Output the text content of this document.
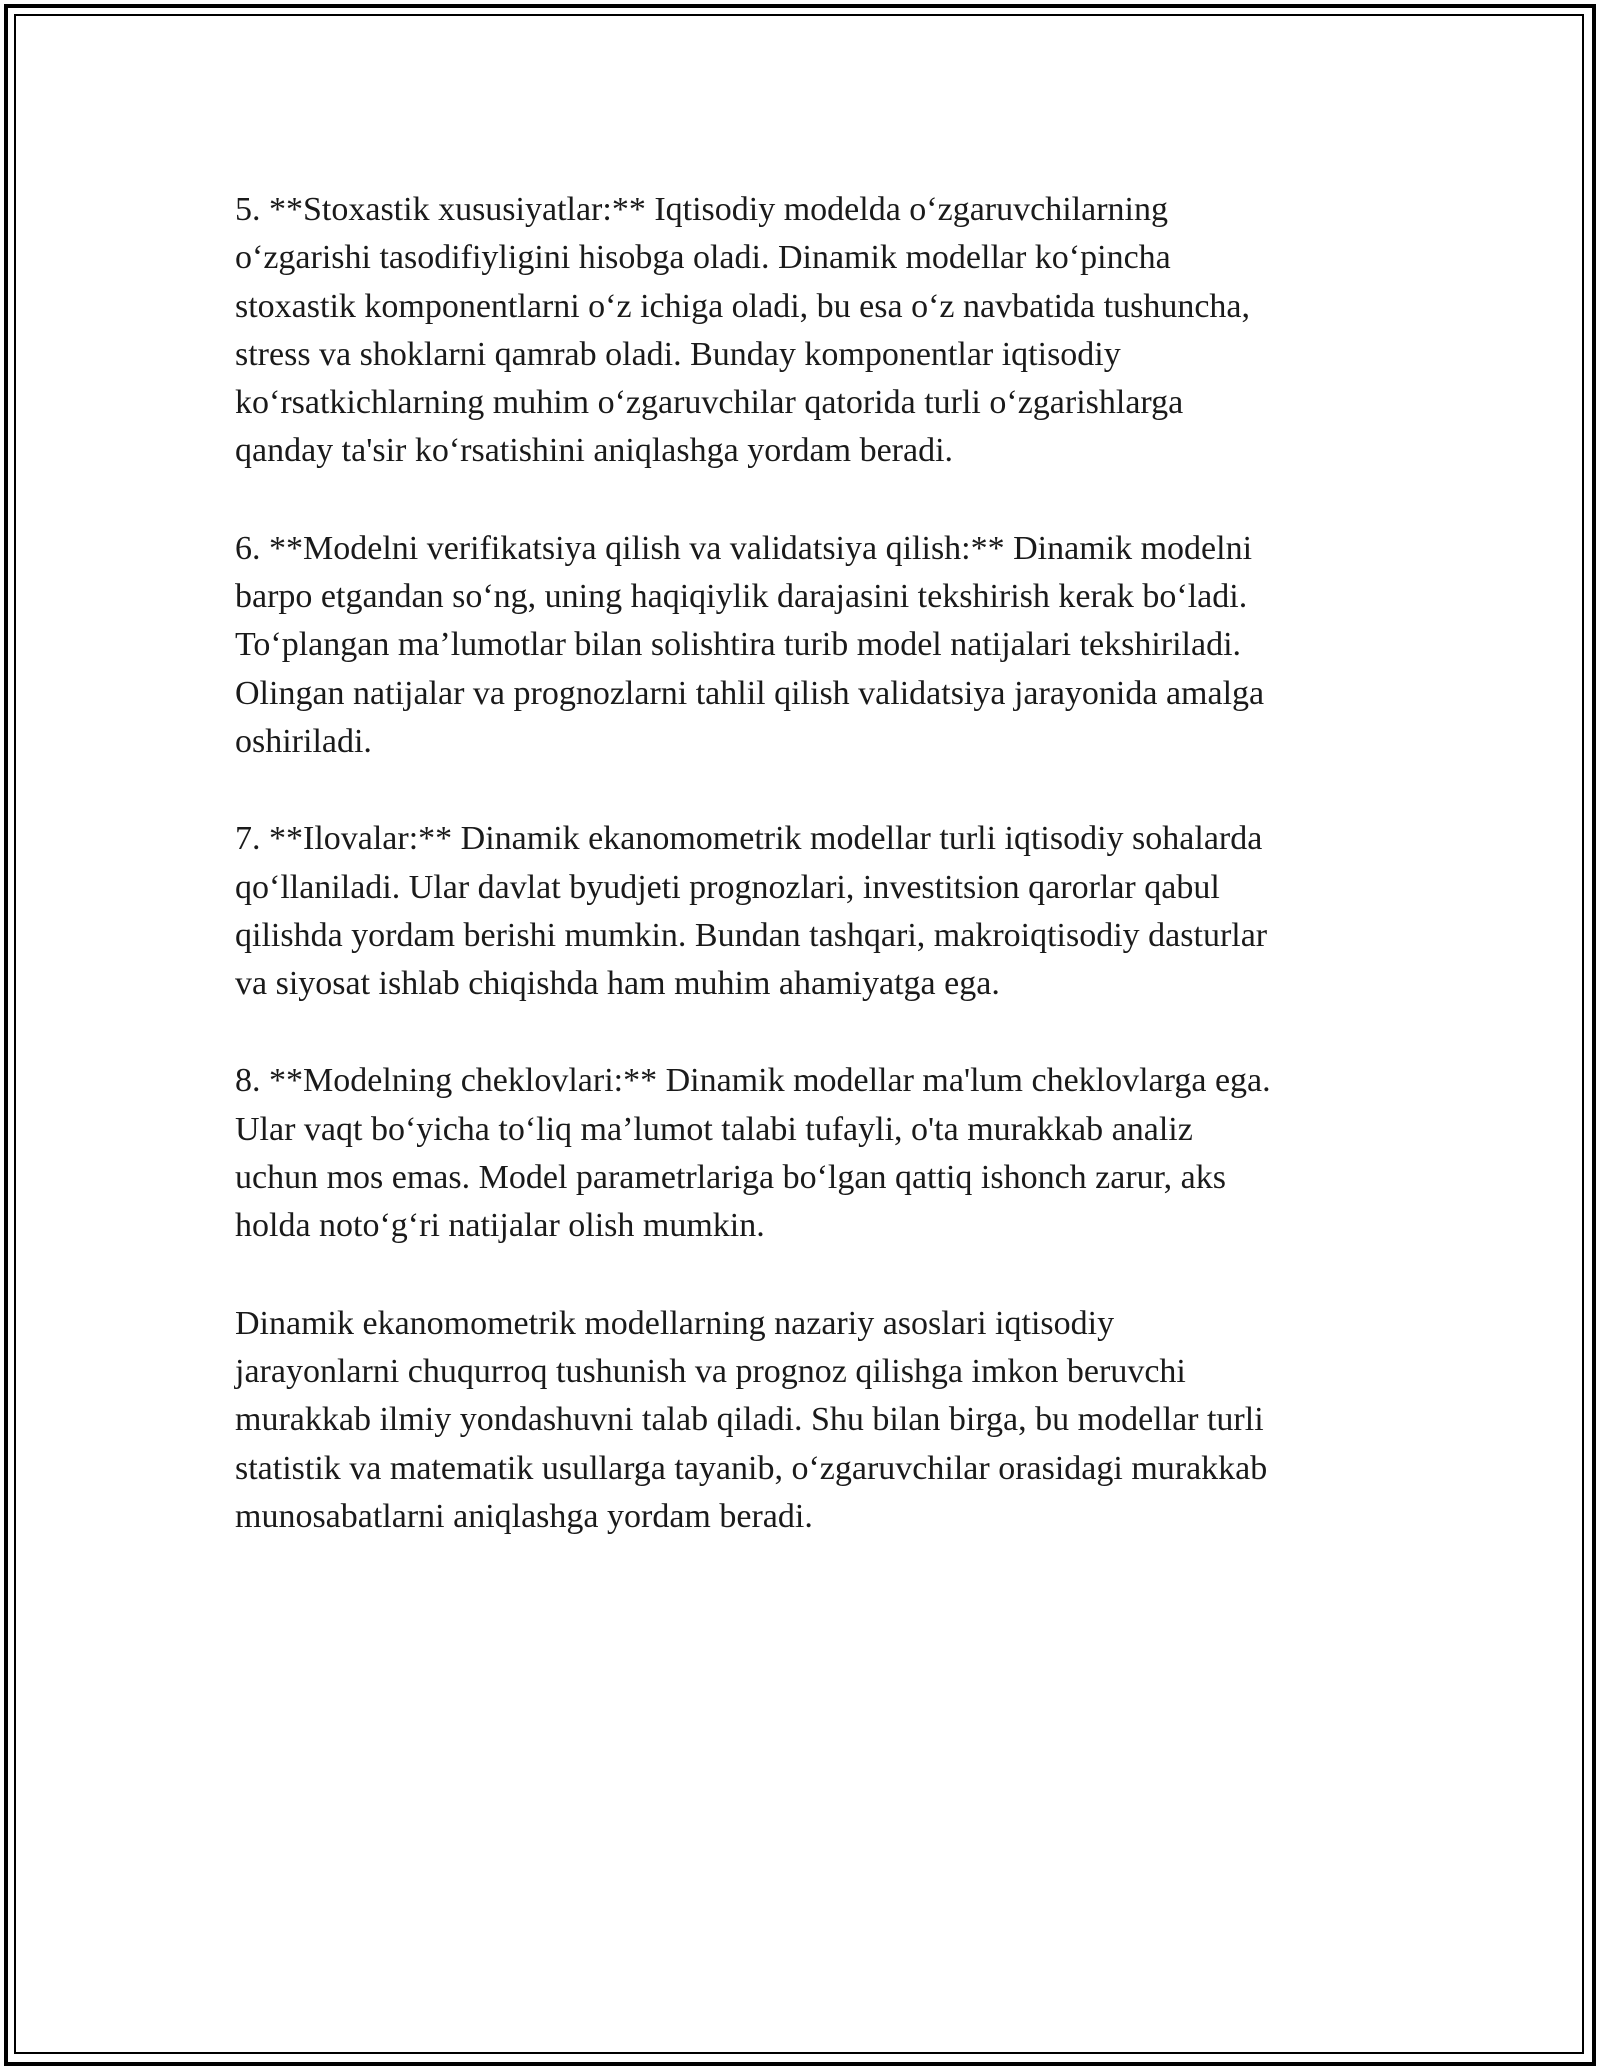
5. **Stoxastik xususiyatlar:** Iqtisodiy modelda o‘zgaruvchilarning
o‘zgarishi tasodifiyligini hisobga oladi. Dinamik modellar ko‘pincha
stoxastik komponentlarni o‘z ichiga oladi, bu esa o‘z navbatida tushuncha,
stress va shoklarni qamrab oladi. Bunday komponentlar iqtisodiy
ko‘rsatkichlarning muhim o‘zgaruvchilar qatorida turli o‘zgarishlarga
qanday ta'sir ko‘rsatishini aniqlashga yordam beradi.

6. **Modelni verifikatsiya qilish va validatsiya qilish:** Dinamik modelni
barpo etgandan so‘ng, uning haqiqiylik darajasini tekshirish kerak bo‘ladi.
To‘plangan ma’lumotlar bilan solishtira turib model natijalari tekshiriladi.
Olingan natijalar va prognozlarni tahlil qilish validatsiya jarayonida amalga
oshiriladi.

7. **Ilovalar:** Dinamik ekanomometrik modellar turli iqtisodiy sohalarda
qo‘llaniladi. Ular davlat byudjeti prognozlari, investitsion qarorlar qabul
qilishda yordam berishi mumkin. Bundan tashqari, makroiqtisodiy dasturlar
va siyosat ishlab chiqishda ham muhim ahamiyatga ega.

8. **Modelning cheklovlari:** Dinamik modellar ma'lum cheklovlarga ega.
Ular vaqt bo‘yicha to‘liq ma’lumot talabi tufayli, o'ta murakkab analiz
uchun mos emas. Model parametrlariga bo‘lgan qattiq ishonch zarur, aks
holda noto‘g‘ri natijalar olish mumkin.

Dinamik ekanomometrik modellarning nazariy asoslari iqtisodiy
jarayonlarni chuqurroq tushunish va prognoz qilishga imkon beruvchi
murakkab ilmiy yondashuvni talab qiladi. Shu bilan birga, bu modellar turli
statistik va matematik usullarga tayanib, o‘zgaruvchilar orasidagi murakkab
munosabatlarni aniqlashga yordam beradi.
